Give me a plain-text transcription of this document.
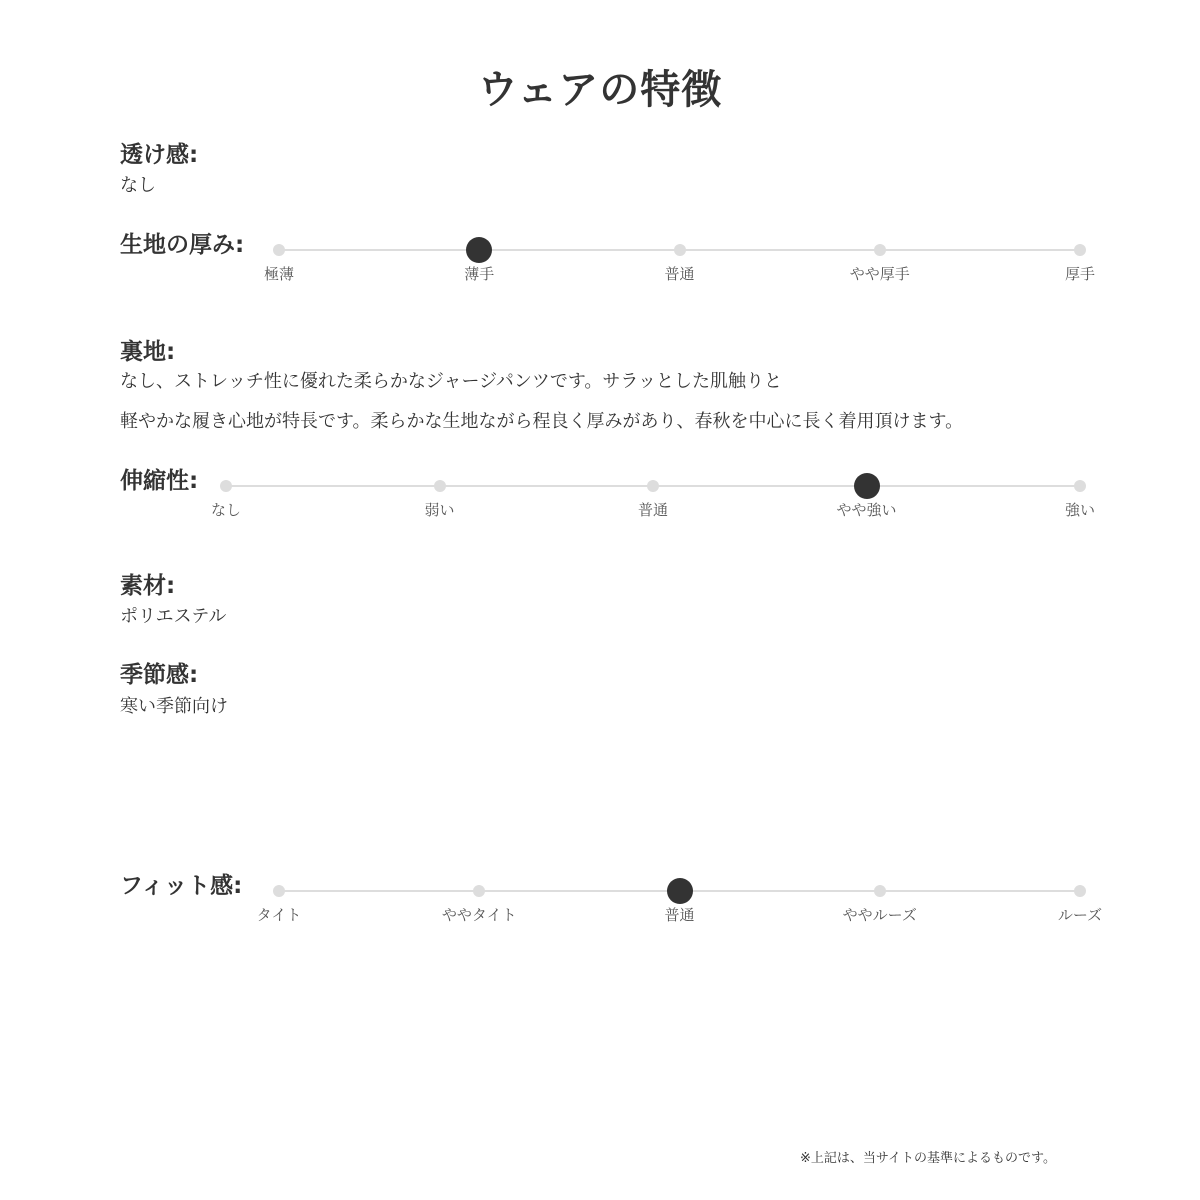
ウェアの特徴
透け感:
なし
生地の厚み:
極薄	薄手	普通	やや厚手	厚手
裏地:
なし、ストレッチ性に優れた柔らかなジャージパンツです。サラッとした肌触りと
軽やかな履き心地が特長です。柔らかな生地ながら程良く厚みがあり、春秋を中心に長く着用頂けます。
伸縮性:
なし	弱い	普通	やや強い	強い
素材:
ポリエステル
季節感:
寒い季節向け
フィット感:
タイト	ややタイト	普通	ややルーズ	ルーズ
※上記は、当サイトの基準によるものです。
